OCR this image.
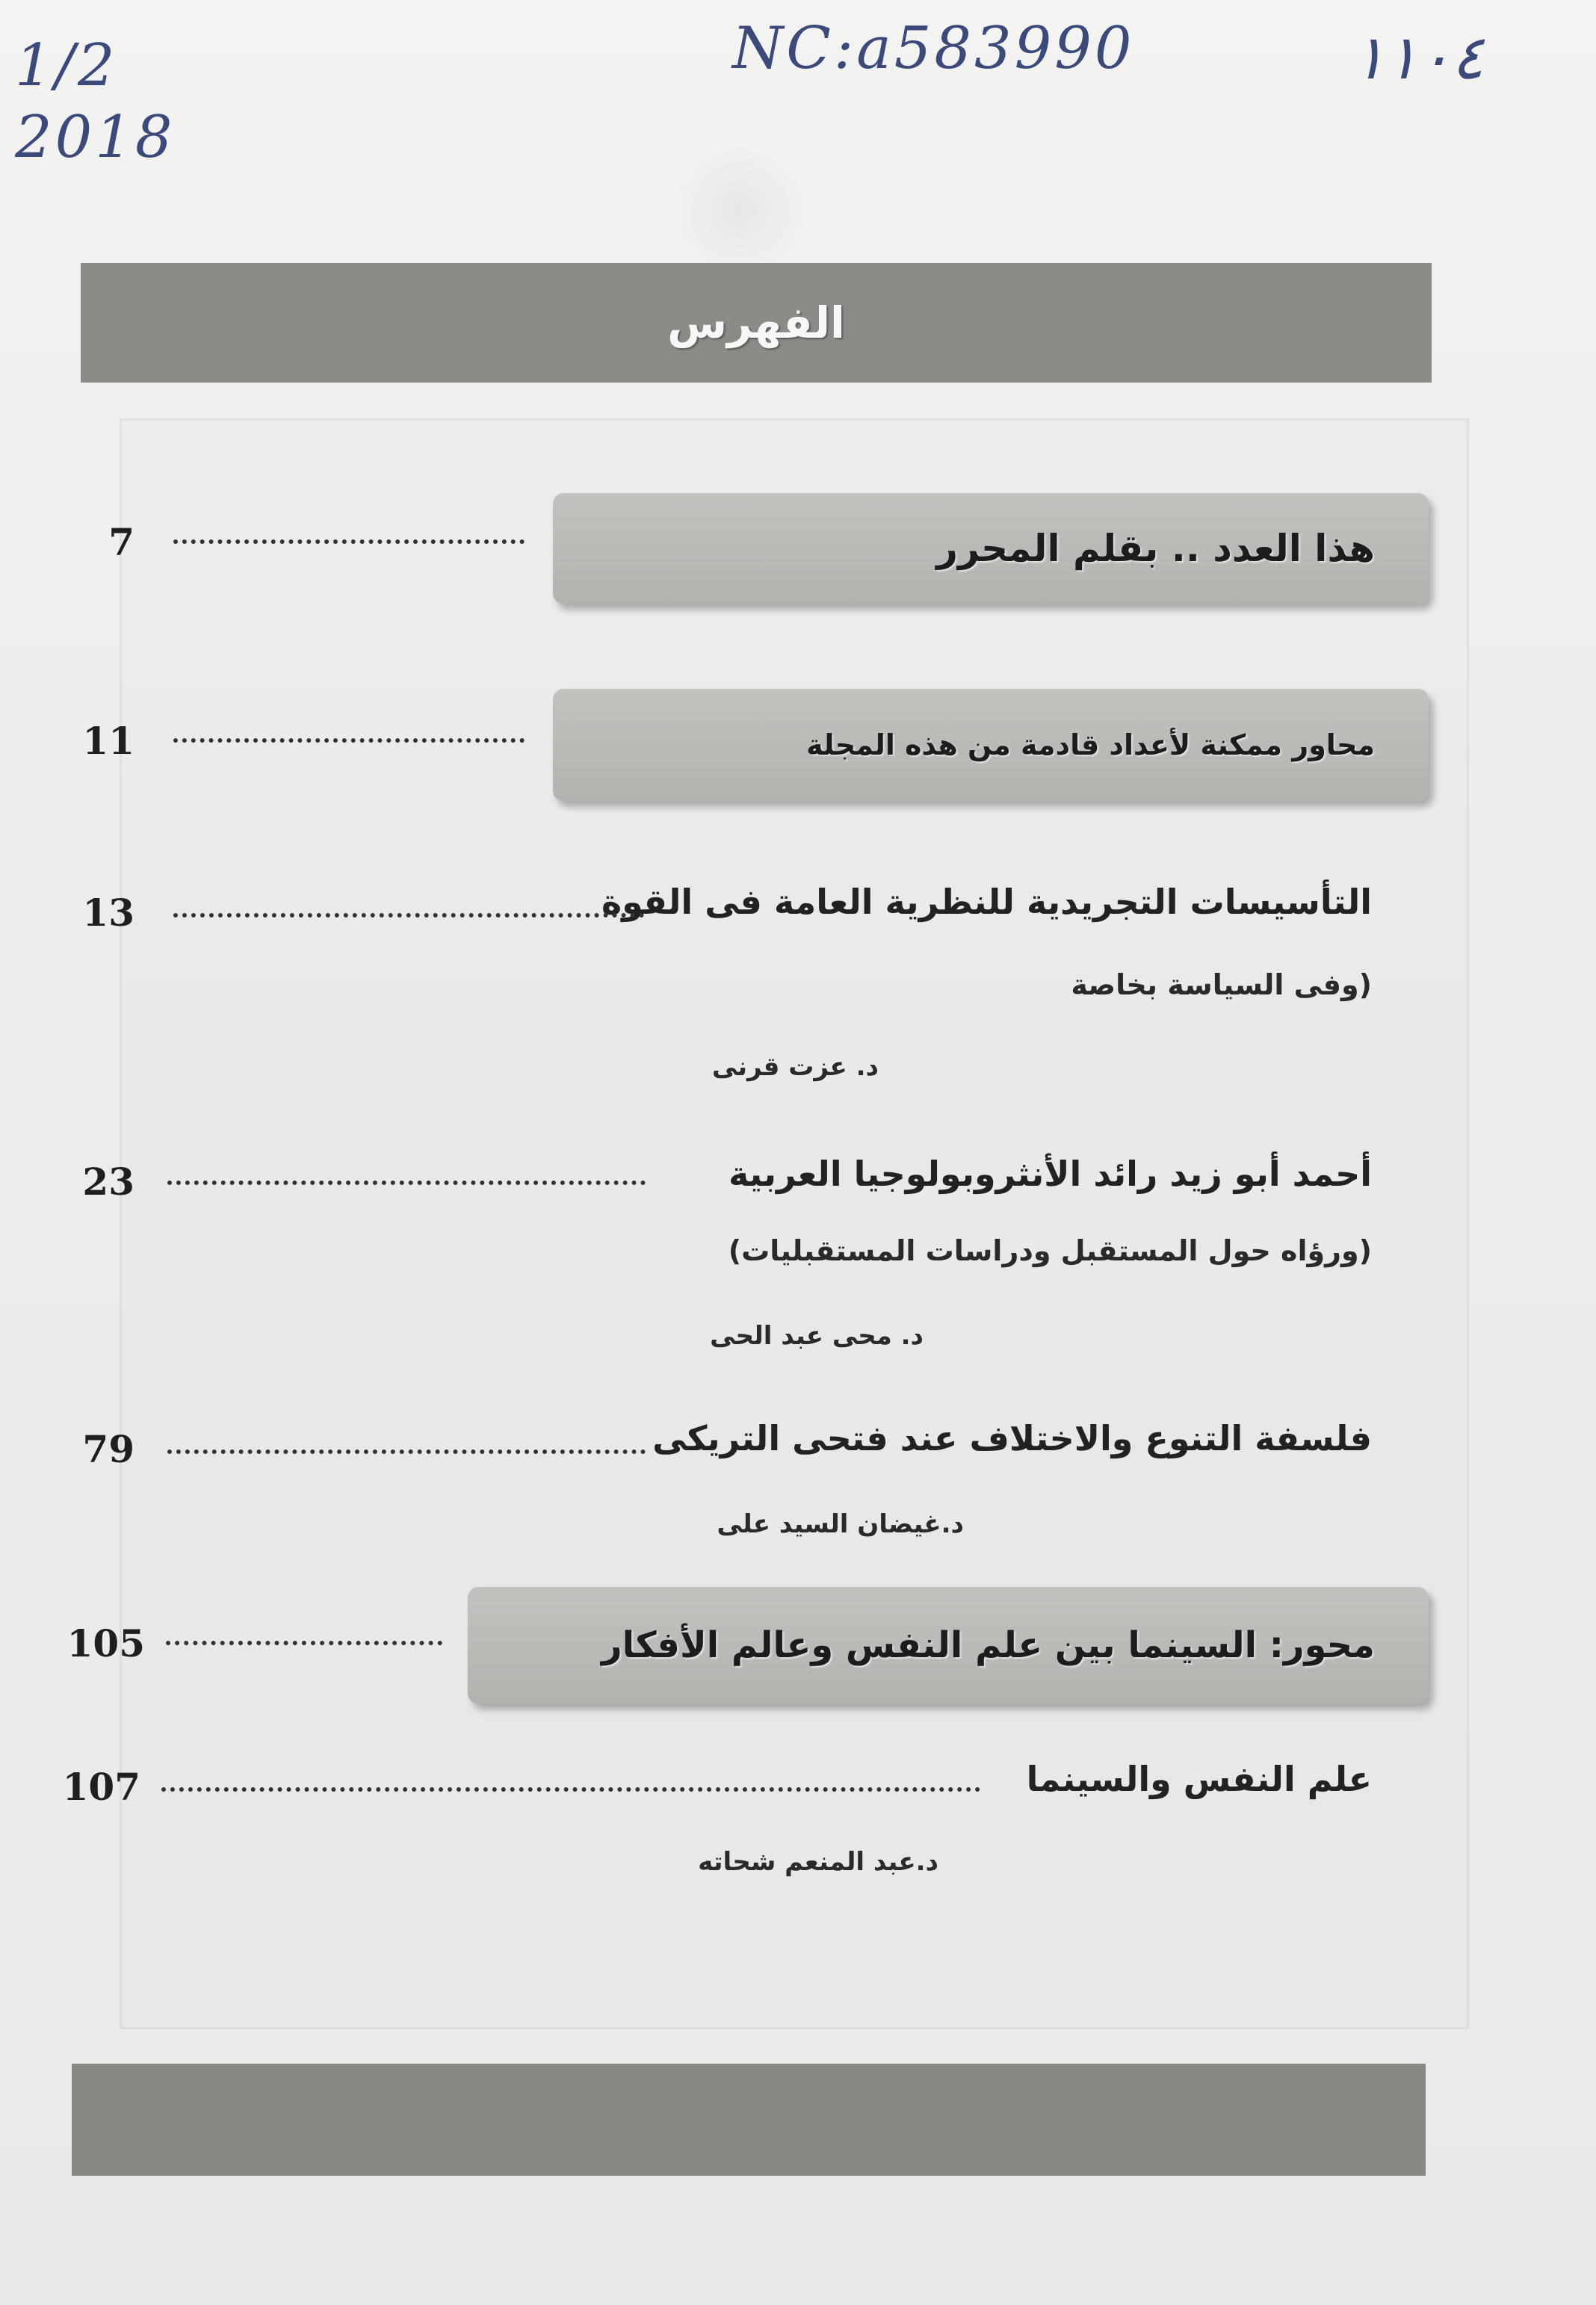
1/2
2018
NC:a583990	١١٠٤
الفهرس
هذا العدد .. بقلم المحرر
7
محاور ممكنة لأعداد قادمة من هذه المجلة
11
التأسيسات التجريدية للنظرية العامة فى القوة
(وفى السياسة بخاصة
د. عزت قرنى
13
أحمد أبو زيد رائد الأنثروبولوجيا العربية
(ورؤاه حول المستقبل ودراسات المستقبليات)
د. محى عبد الحى
23
فلسفة التنوع والاختلاف عند فتحى التريكى
د.غيضان السيد على
79
محور: السينما بين علم النفس وعالم الأفكار
105
علم النفس والسينما
د.عبد المنعم شحاته
107
